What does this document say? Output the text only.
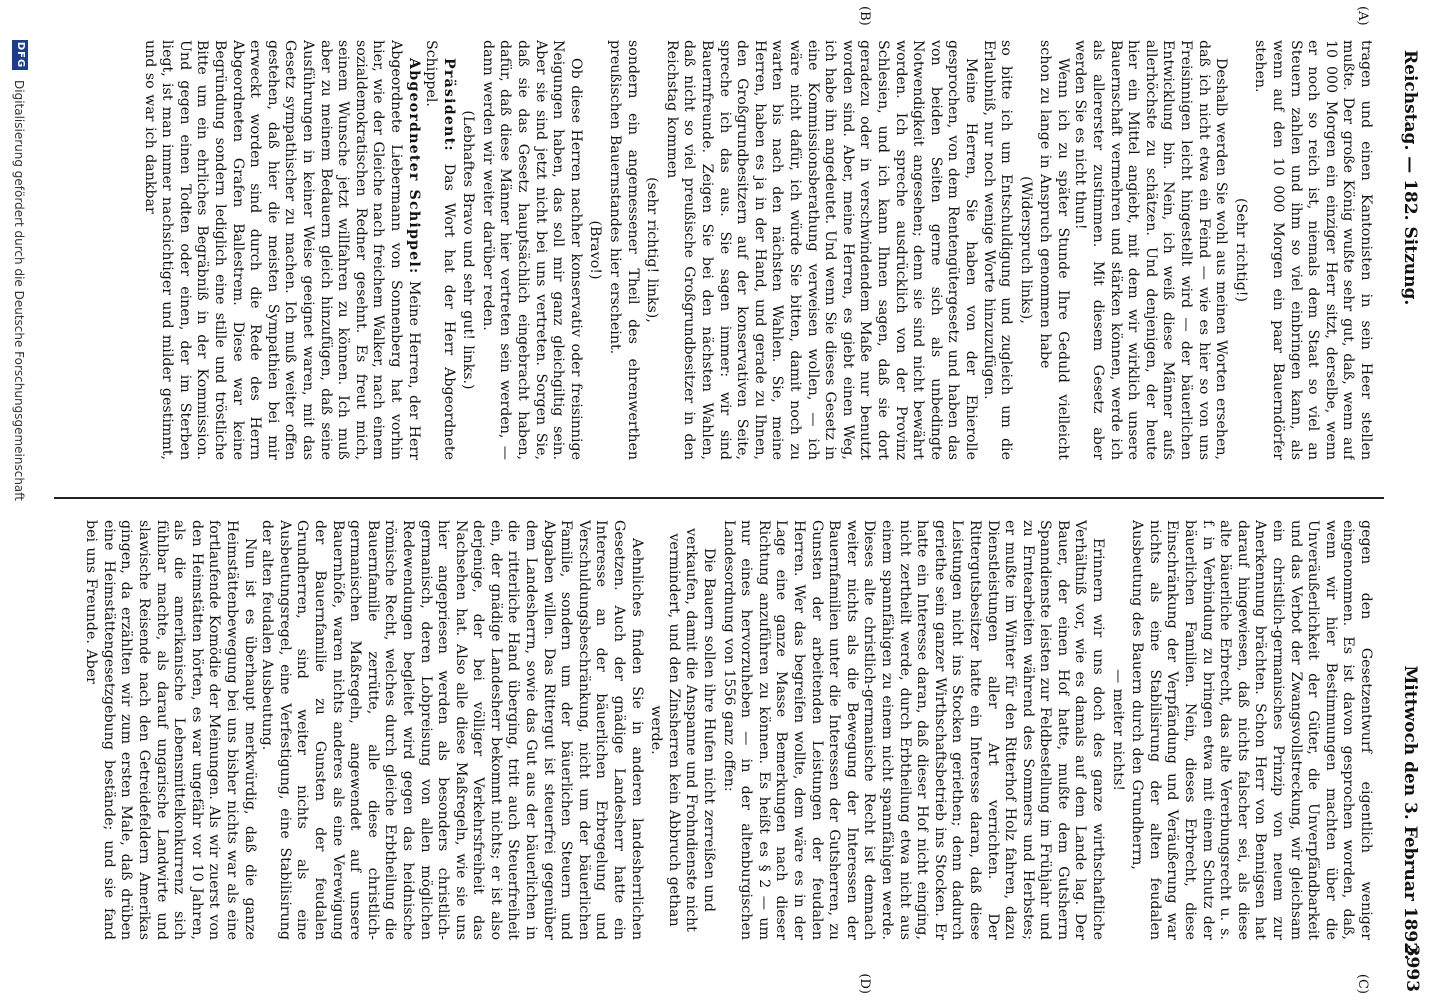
Reichstag. — 182. Sitzung.
Mittwoch den 3. Februar 1892.
3993
(A)
(B)
(C)
(D)

tragen und einen Kantonisten in sein Heer stellen mußte. Der große König wußte sehr gut, daß, wenn auf 10 000 Morgen ein einziger Herr sitzt, derselbe, wenn er noch so reich ist, niemals dem Staat so viel an Steuern zahlen und ihm so viel einbringen kann, als wenn auf den 10 000 Morgen ein paar Bauerndörfer stehen.

(Sehr richtig!)

Deshalb werden Sie wohl aus meinen Worten ersehen, daß ich nicht etwa ein Feind — wie es hier so von uns Freisinnigen leicht hingestellt wird — der bäuerlichen Entwicklung bin. Nein, ich weiß diese Männer aufs allerhöchste zu schätzen. Und denjenigen, der heute hier ein Mittel angiebt, mit dem wir wirklich unsere Bauernschaft vermehren und stärken können, werde ich als allererster zustimmen. Mit diesem Gesetz aber werden Sie es nicht thun!

Wenn ich zu später Stunde Ihre Geduld vielleicht schon zu lange in Anspruch genommen habe

(Widerspruch links),

so bitte ich um Entschuldigung und zugleich um die Erlaubniß, nur noch wenige Worte hinzuzufügen.

Meine Herren, Sie haben von der Ehierolle gesprochen, von dem Rentengütergesetz und haben das von beiden Seiten gerne sich als unbedingte Notwendigkeit angesehen; denn sie sind nicht bewährt worden. Ich spreche ausdrücklich von der Provinz Schlesien, und ich kann Ihnen sagen, daß sie dort geradezu oder in verschwindendem Maße nur benutzt worden sind. Aber, meine Herren, es giebt einen Weg, ich habe ihn angedeutet. Und wenn Sie dieses Gesetz in eine Kommissionsberathung verweisen wollen, — ich wäre nicht dafür, ich würde Sie bitten, damit noch zu warten bis nach den nächsten Wahlen. Sie, meine Herren, haben es ja in der Hand, und gerade zu Ihnen, den Großgrundbesitzern auf der konservativen Seite, spreche ich das aus. Sie sagen immer: wir sind Bauernfreunde. Zeigen Sie bei den nächsten Wahlen, daß nicht so viel preußische Großgrundbesitzer in den Reichstag kommen

(sehr richtig! links),

sondern ein angemessener Theil des ehrenwerthen preußischen Bauernstandes hier erscheint.

(Bravo!)

Ob diese Herren nachher konservativ oder freisinnige Neigungen haben, das soll mir ganz gleichgiltig sein. Aber sie sind jetzt nicht bei uns vertreten. Sorgen Sie, daß sie das Gesetz hauptsächlich eingebracht haben, dafür, daß diese Männer hier vertreten sein werden, — dann werden wir weiter darüber reden.

(Lebhaftes Bravo und sehr gut! links.)

Präsident: Das Wort hat der Herr Abgeordnete Schippel.

Abgeordneter Schippel: Meine Herren, der Herr Abgeordnete Liebermann von Sonnenberg hat vorhin hier, wie der Gleiche nach freichem Walker, nach einem sozialdemokratischen Redner gesehnt. Es freut mich, seinem Wunsche jetzt willfahren zu können. Ich muß aber zu meinem Bedauern gleich hinzufügen, daß seine Ausführungen in keiner Weise geeignet waren, mit das Gesetz sympathischer zu machen. Ich muß weiter offen gestehen, daß hier die meisten Sympathien bei mir erweckt worden sind durch die Rede des Herrn Abgeordneten Grafen Ballestrem. Diese war keine Begründung sondern lediglich eine stille und tröstliche Bitte um ein ehrliches Begräbniß in der Kommission. Und gegen einen Todten oder einen, der im Sterben liegt, ist man immer nachsichtiger und milder gestimmt, und so war ich dankbar

gegen den Gesetzentwurf eigentlich weniger eingenommen. Es ist davon gesprochen worden, daß, wenn wir hier Bestimmungen machten über die Unveräußerlichkeit der Güter, die Unverpfändbarkeit und das Verbot der Zwangsvollstreckung, wir gleichsam ein christlich-germanisches Prinzip von neuem zur Anerkennung brächten. Schon Herr von Bennigsen hat darauf hingewiesen, daß nichts falscher sei, als diese alte bäuerliche Erbrecht, das alte Vererbungsrecht u. s. f. in Verbindung zu bringen etwa mit einem Schutz der bäuerlichen Familien. Nein, dieses Erbrecht, diese Einschränkung der Verpfändung und Veräußerung war nichts als eine Stabilisirung der alten feudalen Ausbeutung des Bauern durch den Grundherrn,

— meiter nichts!

Erinnern wir uns doch des ganze wirthschaftliche Verhältniß vor, wie es damals auf dem Lande lag. Der Bauer, der einen Hof hatte, mußte dem Gutsherrn Spanndienste leisten zur Feldbestellung im Frühjahr und zu Erntearbeiten während des Sommers und Herbstes; er mußte im Winter für den Ritterhof Holz fahren, dazu Dienstleistungen aller Art verrichten. Der Rittergutsbesitzer hatte ein Interesse daran, daß diese Leistungen nicht ins Stocken geriethen; denn dadurch geriethe sein ganzer Wirthschaftsbetrieb ins Stocken. Er hatte ein Interesse daran, daß dieser Hof nicht einging, nicht zertheilt werde, durch Erbtheilung etwa nicht aus einem spannfähigen zu einem nicht spannfähigen werde. Dieses alte christlich-germanische Recht ist demnach weiter nichts als die Bewegung der Interessen der Bauernfamilien unter die Interessen der Gutsherren, zu Gunsten der arbeitenden Leistungen der feudalen Herren. Wer das begreifen wollte, dem wäre es in der Lage eine ganze Masse Bemerkungen nach dieser Richtung anzuführen zu können. Es heißt es § 2 — um nur eines hervorzuheben — in der altenburgischen Landesordnung von 1556 ganz offen:

Die Bauern sollen ihre Hufen nicht zerreißen und verkaufen, damit die Anspanne und Frohndienste nicht vermindert, und den Zinsherren kein Abbruch gethan werde.

Aehnliches finden Sie in anderen landesherrlichen Gesetzen. Auch der gnädige Landesherr hatte ein Interesse an der bäuerlichen Erbregelung und Verschuldungsbeschränkung, nicht um der bäuerlichen Familie, sondern um der bäuerlichen Steuern und Abgaben willen. Das Rittergut ist steuerfrei gegenüber dem Landesherrn, sowie das Gut aus der bäuerlichen in die ritterliche Hand überging, tritt auch Steuerfreiheit ein, der gnädige Landesherr bekommt nichts; er ist also derjenige, der bei völliger Verkehrsfreiheit das Nachsehen hat. Also alle diese Maßregeln, wie sie uns hier angepriesen werden als besonders christlich-germanisch, deren Lobpreisung von allen möglichen Redewendungen begleitet wird gegen das heidnische römische Recht, welches durch gleiche Erbtheilung die Bauernfamilie zerrütte, alle diese christlich-germanischen Maßregeln, angewendet auf unsere Bauernhöfe, waren nichts anderes als eine Verewigung der Bauernfamilie zu Gunsten der feudalen Grundherren, sind weiter nichts als eine Ausbeutungsregel, eine Verfestigung, eine Stabilisirung der alten feudalen Ausbeutung.

Nun ist es überhaupt merkwürdig, daß die ganze Heimstättenbewegung bei uns bisher nichts war als eine fortlaufende Komödie der Meinungen. Als wir zuerst von den Heimstätten hörten, es war ungefähr vor 10 Jahren, als die amerikanische Lebensmittelkonkurrenz sich fühlbar machte, als darauf ungarische Landwirte und slawische Reisende nach den Getreidefeldern Amerikas gingen, da erzählten wir zum ersten Male, daß drüben eine Heimstättengesetzgebung bestände; und sie fand bei uns Freunde. Aber

DFG
Digitalisierung gefördert durch die Deutsche Forschungsgemeinschaft
